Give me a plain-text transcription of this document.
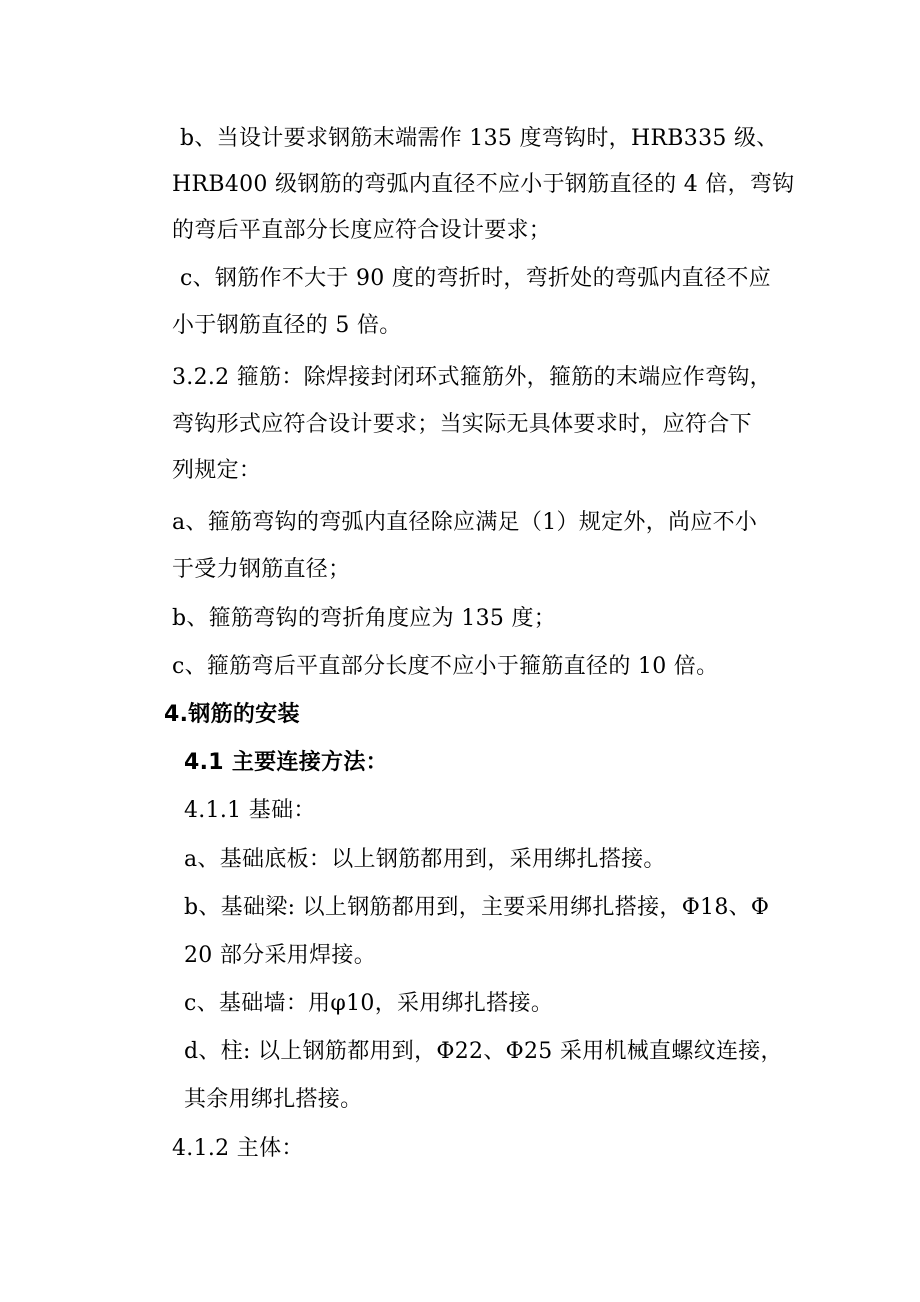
b、当设计要求钢筋末端需作 135 度弯钩时，HRB335 级、
HRB400 级钢筋的弯弧内直径不应小于钢筋直径的 4 倍，弯钩
的弯后平直部分长度应符合设计要求；
c、钢筋作不大于 90 度的弯折时，弯折处的弯弧内直径不应
小于钢筋直径的 5 倍。
3.2.2 箍筋：除焊接封闭环式箍筋外，箍筋的末端应作弯钩，
弯钩形式应符合设计要求；当实际无具体要求时，应符合下
列规定：
a、箍筋弯钩的弯弧内直径除应满足（1）规定外，尚应不小
于受力钢筋直径；
b、箍筋弯钩的弯折角度应为 135 度；
c、箍筋弯后平直部分长度不应小于箍筋直径的 10 倍。
4.钢筋的安装
4.1 主要连接方法：
4.1.1 基础：
a、基础底板：以上钢筋都用到，采用绑扎搭接。
b、基础梁: 以上钢筋都用到，主要采用绑扎搭接，Φ18、Φ
20 部分采用焊接。
c、基础墙：用φ10，采用绑扎搭接。
d、柱: 以上钢筋都用到，Φ22、Φ25 采用机械直螺纹连接，
其余用绑扎搭接。
4.1.2 主体：
